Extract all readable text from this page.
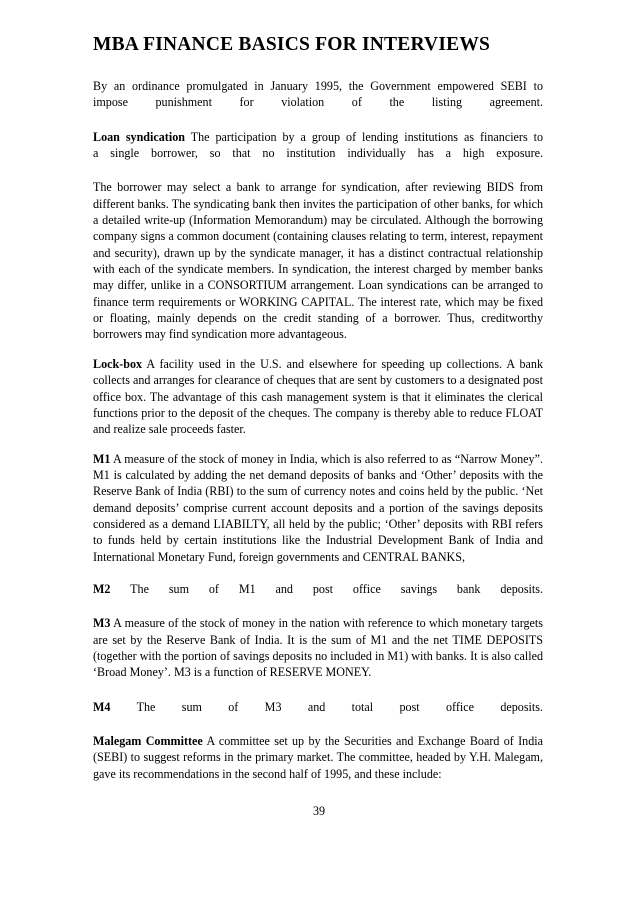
MBA FINANCE BASICS FOR INTERVIEWS

By an ordinance promulgated in January 1995, the Government empowered SEBI to

impose punishment for violation of the listing agreement.

Loan syndication The participation by a group of lending institutions as financiers to

a single borrower, so that no institution individually has a high exposure.

The borrower may select a bank to arrange for syndication, after reviewing BIDS from different banks. The syndicating bank then invites the participation of other banks, for which a detailed write-up (Information Memorandum) may be circulated. Although the borrowing company signs a common document (containing clauses relating to term, interest, repayment and security), drawn up by the syndicate manager, it has a distinct contractual relationship with each of the syndicate members. In syndication, the interest charged by member banks may differ, unlike in a CONSORTIUM arrangement. Loan syndications can be arranged to finance term requirements or WORKING CAPITAL. The interest rate, which may be fixed or floating, mainly depends on the credit standing of a borrower. Thus, creditworthy borrowers may find syndication more advantageous.

Lock-box A facility used in the U.S. and elsewhere for speeding up collections. A bank collects and arranges for clearance of cheques that are sent by customers to a designated post office box. The advantage of this cash management system is that it eliminates the clerical functions prior to the deposit of the cheques. The company is thereby able to reduce FLOAT and realize sale proceeds faster.

M1 A measure of the stock of money in India, which is also referred to as “Narrow Money”. M1 is calculated by adding the net demand deposits of banks and ‘Other’ deposits with the Reserve Bank of India (RBI) to the sum of currency notes and coins held by the public. ‘Net demand deposits’ comprise current account deposits and a portion of the savings deposits considered as a demand LIABILTY, all held by the public; ‘Other’ deposits with RBI refers to funds held by certain institutions like the Industrial Development Bank of India and International Monetary Fund, foreign governments and CENTRAL BANKS,

M2 The sum of M1 and post office savings bank deposits.

M3 A measure of the stock of money in the nation with reference to which monetary targets are set by the Reserve Bank of India. It is the sum of M1 and the net TIME DEPOSITS (together with the portion of savings deposits no included in M1) with banks. It is also called ‘Broad Money’. M3 is a function of RESERVE MONEY.

M4 The sum of M3 and total post office deposits.

Malegam Committee A committee set up by the Securities and Exchange Board of India (SEBI) to suggest reforms in the primary market. The committee, headed by Y.H. Malegam, gave its recommendations in the second half of 1995, and these include:

39
